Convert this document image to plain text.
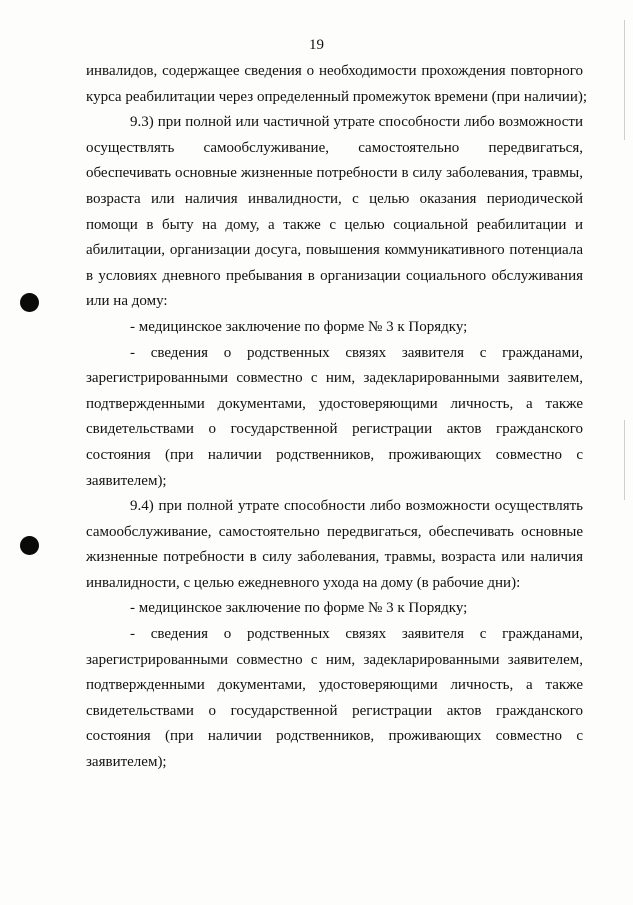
19
инвалидов, содержащее сведения о необходимости прохождения повторного
курса реабилитации через определенный промежуток времени (при наличии);
9.3) при полной или частичной утрате способности либо возможности
осуществлять самообслуживание, самостоятельно передвигаться,
обеспечивать основные жизненные потребности в силу заболевания, травмы,
возраста или наличия инвалидности, с целью оказания периодической
помощи в быту на дому, а также с целью социальной реабилитации и
абилитации, организации досуга, повышения коммуникативного потенциала
в условиях дневного пребывания в организации социального обслуживания
или на дому:
- медицинское заключение по форме № 3 к Порядку;
- сведения о родственных связях заявителя с гражданами,
зарегистрированными совместно с ним, задекларированными заявителем,
подтвержденными документами, удостоверяющими личность, а также
свидетельствами о государственной регистрации актов гражданского
состояния (при наличии родственников, проживающих совместно с
заявителем);
9.4) при полной утрате способности либо возможности осуществлять
самообслуживание, самостоятельно передвигаться, обеспечивать основные
жизненные потребности в силу заболевания, травмы, возраста или наличия
инвалидности, с целью ежедневного ухода на дому (в рабочие дни):
- медицинское заключение по форме № 3 к Порядку;
- сведения о родственных связях заявителя с гражданами,
зарегистрированными совместно с ним, задекларированными заявителем,
подтвержденными документами, удостоверяющими личность, а также
свидетельствами о государственной регистрации актов гражданского
состояния (при наличии родственников, проживающих совместно с
заявителем);
